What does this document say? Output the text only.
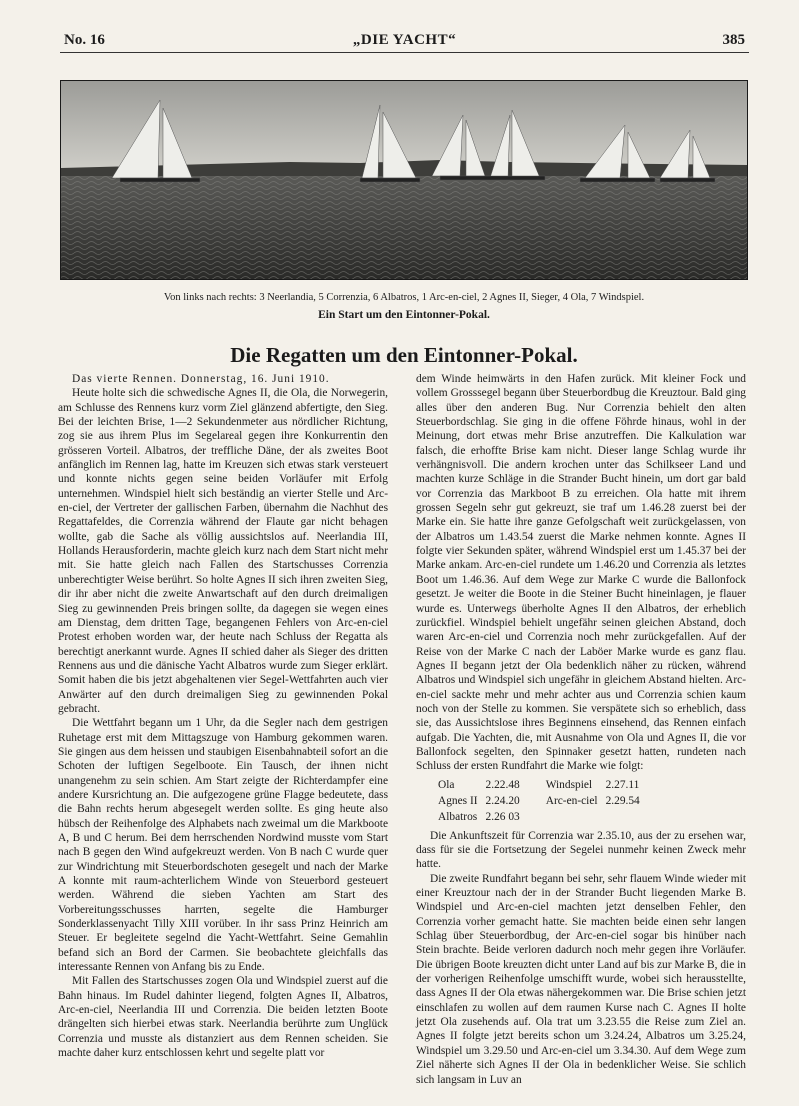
No. 16	„DIE YACHT“	385
Von links nach rechts: 3 Neerlandia, 5 Correnzia, 6 Albatros, 1 Arc-en-ciel, 2 Agnes II, Sieger, 4 Ola, 7 Windspiel.
Ein Start um den Eintonner-Pokal.
Die Regatten um den Eintonner-Pokal.

Das vierte Rennen. Donnerstag, 16. Juni 1910.

Heute holte sich die schwedische Agnes II, die Ola, die Norwegerin, am Schlusse des Rennens kurz vorm Ziel glänzend abfertigte, den Sieg. Bei der leichten Brise, 1—2 Sekundenmeter aus nördlicher Richtung, zog sie aus ihrem Plus im Segelareal gegen ihre Konkurrentin den grösseren Vorteil. Albatros, der treffliche Däne, der als zweites Boot anfänglich im Rennen lag, hatte im Kreuzen sich etwas stark versteuert und konnte nichts gegen seine beiden Vorläufer mit Erfolg unternehmen. Windspiel hielt sich beständig an vierter Stelle und Arc-en-ciel, der Vertreter der gallischen Farben, übernahm die Nachhut des Regattafeldes, die Correnzia während der Flaute gar nicht behagen wollte, gab die Sache als völlig aussichtslos auf. Neerlandia III, Hollands Herausforderin, machte gleich kurz nach dem Start nicht mehr mit. Sie hatte gleich nach Fallen des Startschusses Correnzia unberechtigter Weise berührt. So holte Agnes II sich ihren zweiten Sieg, dir ihr aber nicht die zweite Anwartschaft auf den durch dreimaligen Sieg zu gewinnenden Preis bringen sollte, da dagegen sie wegen eines am Dienstag, dem dritten Tage, begangenen Fehlers von Arc-en-ciel Protest erhoben worden war, der heute nach Schluss der Regatta als berechtigt anerkannt wurde. Agnes II schied daher als Sieger des dritten Rennens aus und die dänische Yacht Albatros wurde zum Sieger erklärt. Somit haben die bis jetzt abgehaltenen vier Segel-Wettfahrten auch vier Anwärter auf den durch dreimaligen Sieg zu gewinnenden Pokal gebracht.

Die Wettfahrt begann um 1 Uhr, da die Segler nach dem gestrigen Ruhetage erst mit dem Mittagszuge von Hamburg gekommen waren. Sie gingen aus dem heissen und staubigen Eisenbahnabteil sofort an die Schoten der luftigen Segelboote. Ein Tausch, der ihnen nicht unangenehm zu sein schien. Am Start zeigte der Richterdampfer eine andere Kursrichtung an. Die aufgezogene grüne Flagge bedeutete, dass die Bahn rechts herum abgesegelt werden sollte. Es ging heute also hübsch der Reihenfolge des Alphabets nach zweimal um die Markboote A, B und C herum. Bei dem herrschenden Nordwind musste vom Start nach B gegen den Wind aufgekreuzt werden. Von B nach C wurde quer zur Windrichtung mit Steuerbordschoten gesegelt und nach der Marke A konnte mit raum-achterlichem Winde von Steuerbord gesteuert werden. Während die sieben Yachten am Start des Vorbereitungsschusses harrten, segelte die Hamburger Sonderklassenyacht Tilly XIII vorüber. In ihr sass Prinz Heinrich am Steuer. Er begleitete segelnd die Yacht-Wettfahrt. Seine Gemahlin befand sich an Bord der Carmen. Sie beobachtete gleichfalls das interessante Rennen von Anfang bis zu Ende.

Mit Fallen des Startschusses zogen Ola und Windspiel zuerst auf die Bahn hinaus. Im Rudel dahinter liegend, folgten Agnes II, Albatros, Arc-en-ciel, Neerlandia III und Correnzia. Die beiden letzten Boote drängelten sich hierbei etwas stark. Neerlandia berührte zum Unglück Correnzia und musste als distanziert aus dem Rennen scheiden. Sie machte daher kurz entschlossen kehrt und segelte platt vor

dem Winde heimwärts in den Hafen zurück. Mit kleiner Fock und vollem Grosssegel begann über Steuerbordbug die Kreuztour. Bald ging alles über den anderen Bug. Nur Correnzia behielt den alten Steuerbordschlag. Sie ging in die offene Föhrde hinaus, wohl in der Meinung, dort etwas mehr Brise anzutreffen. Die Kalkulation war falsch, die erhoffte Brise kam nicht. Dieser lange Schlag wurde ihr verhängnisvoll. Die andern krochen unter das Schilkseer Land und machten kurze Schläge in die Strander Bucht hinein, um dort gar bald vor Correnzia das Markboot B zu erreichen. Ola hatte mit ihrem grossen Segeln sehr gut gekreuzt, sie traf um 1.46.28 zuerst bei der Marke ein. Sie hatte ihre ganze Gefolgschaft weit zurückgelassen, von der Albatros um 1.43.54 zuerst die Marke nehmen konnte. Agnes II folgte vier Sekunden später, während Windspiel erst um 1.45.37 bei der Marke ankam. Arc-en-ciel rundete um 1.46.20 und Correnzia als letztes Boot um 1.46.36. Auf dem Wege zur Marke C wurde die Ballonfock gesetzt. Je weiter die Boote in die Steiner Bucht hineinlagen, je flauer wurde es. Unterwegs überholte Agnes II den Albatros, der erheblich zurückfiel. Windspiel behielt ungefähr seinen gleichen Abstand, doch waren Arc-en-ciel und Correnzia noch mehr zurückgefallen. Auf der Reise von der Marke C nach der Laböer Marke wurde es ganz flau. Agnes II begann jetzt der Ola bedenklich näher zu rücken, während Albatros und Windspiel sich ungefähr in gleichem Abstand hielten. Arc-en-ciel sackte mehr und mehr achter aus und Correnzia schien kaum noch von der Stelle zu kommen. Sie verspätete sich so erheblich, dass sie, das Aussichtslose ihres Beginnens einsehend, das Rennen einfach aufgab. Die Yachten, die, mit Ausnahme von Ola und Agnes II, die vor Ballonfock segelten, den Spinnaker gesetzt hatten, rundeten nach Schluss der ersten Rundfahrt die Marke wie folgt:

Ola	2.22.48	Windspiel	2.27.11
Agnes II	2.24.20	Arc-en-ciel	2.29.54
Albatros	2.26 03		

Die Ankunftszeit für Correnzia war 2.35.10, aus der zu ersehen war, dass für sie die Fortsetzung der Segelei nunmehr keinen Zweck mehr hatte.

Die zweite Rundfahrt begann bei sehr, sehr flauem Winde wieder mit einer Kreuztour nach der in der Strander Bucht liegenden Marke B. Windspiel und Arc-en-ciel machten jetzt denselben Fehler, den Correnzia vorher gemacht hatte. Sie machten beide einen sehr langen Schlag über Steuerbordbug, der Arc-en-ciel sogar bis hinüber nach Stein brachte. Beide verloren dadurch noch mehr gegen ihre Vorläufer. Die übrigen Boote kreuzten dicht unter Land auf bis zur Marke B, die in der vorherigen Reihenfolge umschifft wurde, wobei sich herausstellte, dass Agnes II der Ola etwas nähergekommen war. Die Brise schien jetzt einschlafen zu wollen auf dem raumen Kurse nach C. Agnes II holte jetzt Ola zusehends auf. Ola trat um 3.23.55 die Reise zum Ziel an. Agnes II folgte jetzt bereits schon um 3.24.24, Albatros um 3.25.24, Windspiel um 3.29.50 und Arc-en-ciel um 3.34.30. Auf dem Wege zum Ziel näherte sich Agnes II der Ola in bedenklicher Weise. Sie schlich sich langsam in Luv an
